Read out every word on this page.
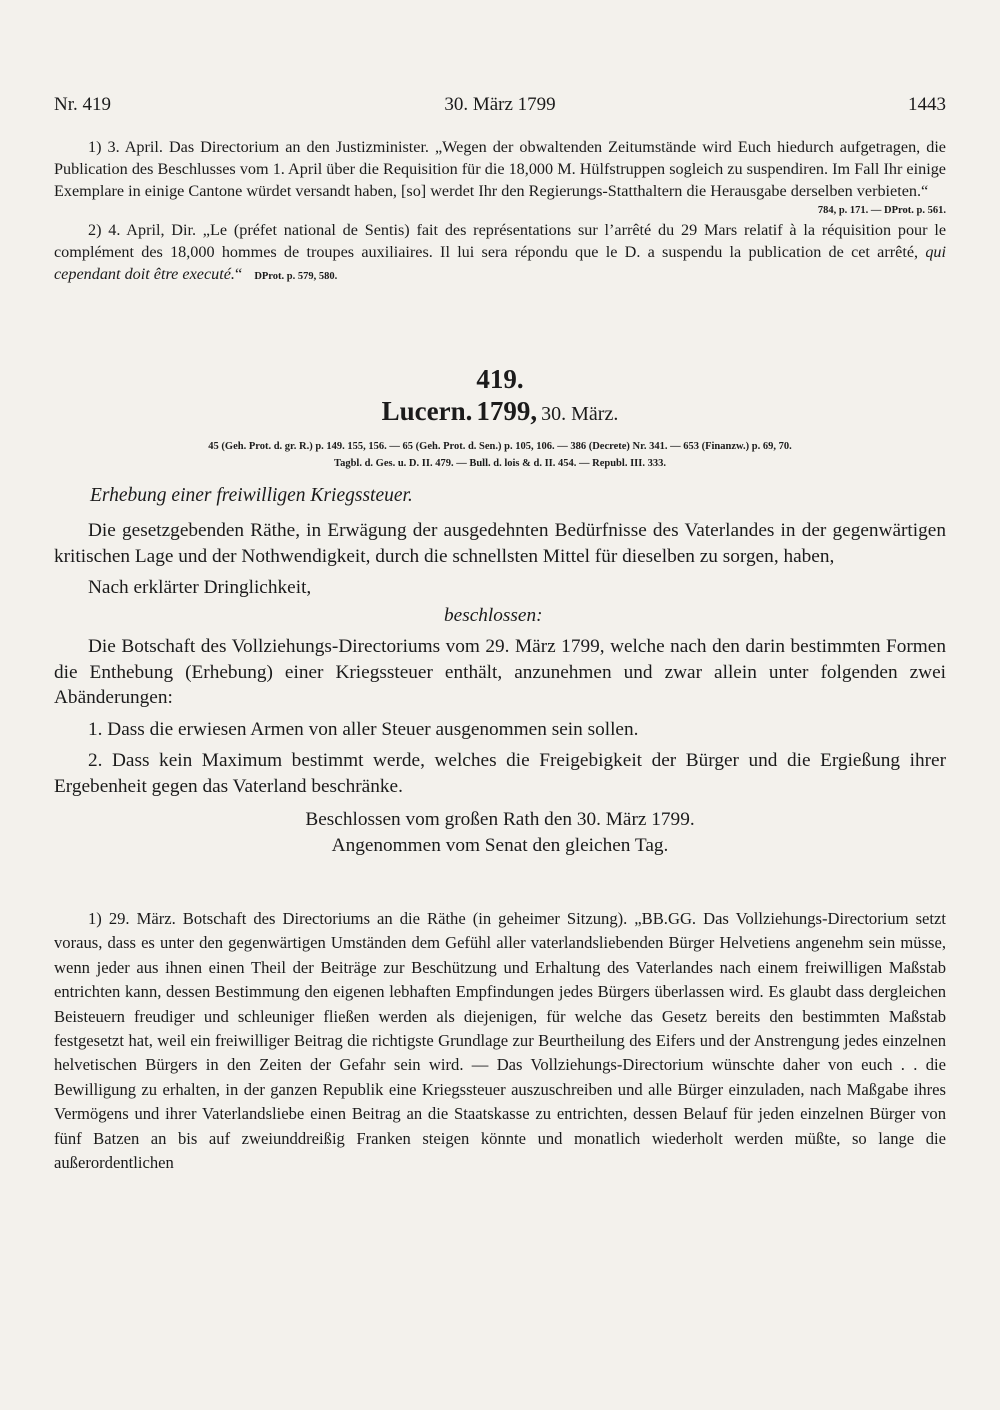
Nr. 419	30. März 1799	1443

1) 3. April. Das Directorium an den Justizminister. „Wegen der obwaltenden Zeitumstände wird Euch hiedurch aufgetragen, die Publication des Beschlusses vom 1. April über die Requisition für die 18,000 M. Hülfstruppen sogleich zu suspendiren. Im Fall Ihr einige Exemplare in einige Cantone würdet versandt haben, [so] werdet Ihr den Regierungs-Statthaltern die Herausgabe derselben verbieten.“

784, p. 171. — DProt. p. 561.

2) 4. April, Dir. „Le (préfet national de Sentis) fait des représentations sur l’arrêté du 29 Mars relatif à la réquisition pour le complément des 18,000 hommes de troupes auxiliaires. Il lui sera répondu que le D. a suspendu la publication de cet arrêté, qui cependant doit être executé.“ DProt. p. 579, 580.

419.
Lucern. 1799, 30. März.
45 (Geh. Prot. d. gr. R.) p. 149. 155, 156. — 65 (Geh. Prot. d. Sen.) p. 105, 106. — 386 (Decrete) Nr. 341. — 653 (Finanzw.) p. 69, 70.
Tagbl. d. Ges. u. D. II. 479. — Bull. d. lois & d. II. 454. — Republ. III. 333.
Erhebung einer freiwilligen Kriegssteuer.

Die gesetzgebenden Räthe, in Erwägung der ausgedehnten Bedürfnisse des Vaterlandes in der gegenwärtigen kritischen Lage und der Nothwendigkeit, durch die schnellsten Mittel für dieselben zu sorgen, haben,

Nach erklärter Dringlichkeit,

beschlossen:

Die Botschaft des Vollziehungs-Directoriums vom 29. März 1799, welche nach den darin bestimmten Formen die Enthebung (Erhebung) einer Kriegssteuer enthält, anzunehmen und zwar allein unter folgenden zwei Abänderungen:

1. Dass die erwiesen Armen von aller Steuer ausgenommen sein sollen.

2. Dass kein Maximum bestimmt werde, welches die Freigebigkeit der Bürger und die Ergießung ihrer Ergebenheit gegen das Vaterland beschränke.

Beschlossen vom großen Rath den 30. März 1799.

Angenommen vom Senat den gleichen Tag.

1) 29. März. Botschaft des Directoriums an die Räthe (in geheimer Sitzung). „BB.GG. Das Vollziehungs-Directorium setzt voraus, dass es unter den gegenwärtigen Umständen dem Gefühl aller vaterlandsliebenden Bürger Helvetiens angenehm sein müsse, wenn jeder aus ihnen einen Theil der Beiträge zur Beschützung und Erhaltung des Vaterlandes nach einem freiwilligen Maßstab entrichten kann, dessen Bestimmung den eigenen lebhaften Empfindungen jedes Bürgers überlassen wird. Es glaubt dass dergleichen Beisteuern freudiger und schleuniger fließen werden als diejenigen, für welche das Gesetz bereits den bestimmten Maßstab festgesetzt hat, weil ein freiwilliger Beitrag die richtigste Grundlage zur Beurtheilung des Eifers und der Anstrengung jedes einzelnen helvetischen Bürgers in den Zeiten der Gefahr sein wird. — Das Vollziehungs-Directorium wünschte daher von euch . . die Bewilligung zu erhalten, in der ganzen Republik eine Kriegssteuer auszuschreiben und alle Bürger einzuladen, nach Maßgabe ihres Vermögens und ihrer Vaterlandsliebe einen Beitrag an die Staatskasse zu entrichten, dessen Belauf für jeden einzelnen Bürger von fünf Batzen an bis auf zweiunddreißig Franken steigen könnte und monatlich wiederholt werden müßte, so lange die außerordentlichen
